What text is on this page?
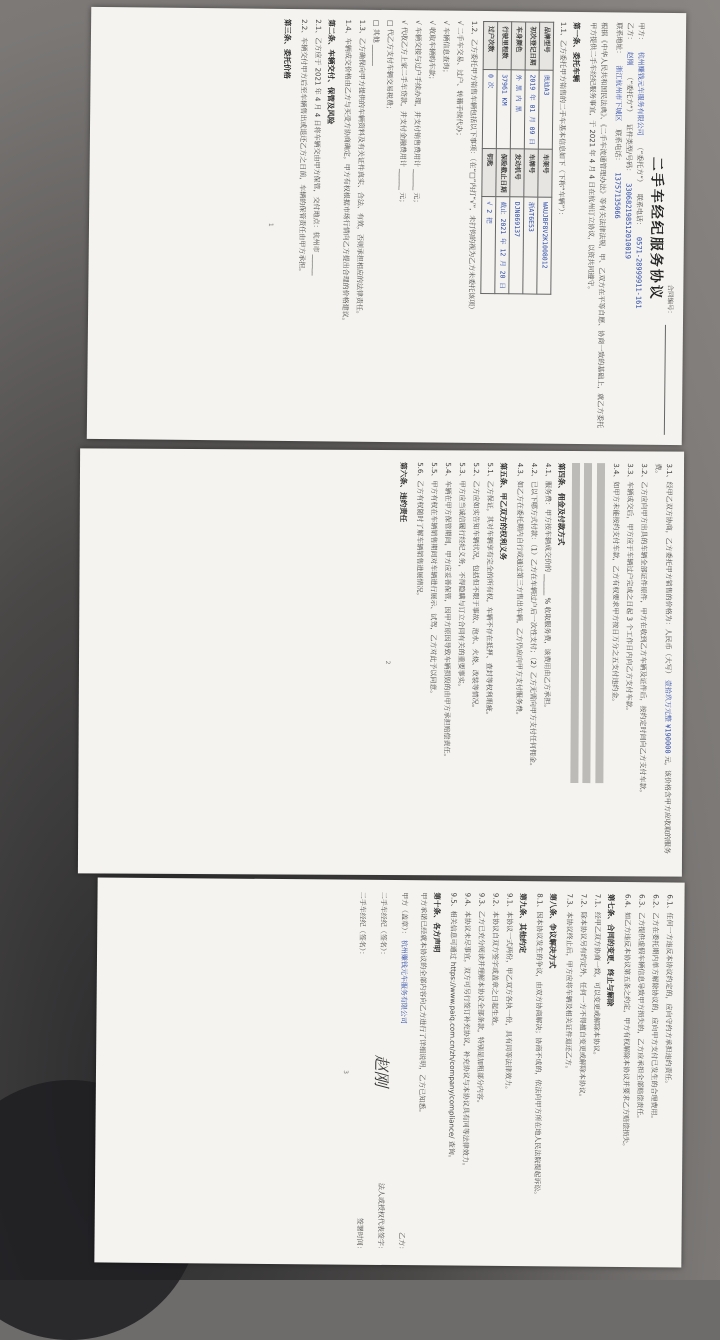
合同编号：
二手车经纪服务协议
甲方：
杭州赚钱元车服务有限公司
（“委托方”）
联系电话：
0571-28999911-161
乙方：
赵刚
（“委托方”）
证件类型/号码：
330682198512010019
联系地址：
浙江杭州市下城区
联系电话：
13757135066

根据《中华人民共和国民法典》、《二手车流通管理办法》等有关法律法规，甲、乙双方在平等自愿、协商一致的基础上，就乙方委托甲方提供二手车经纪服务事宜，于 2021 年 4 月 4 日在杭州订立协议，以资共同遵守。

第一条、委托车辆

1.1、乙方委托甲方销售的二手车基本信息如下（下称“车辆”）：

品牌型号	奥迪A3	车架号	WAUJBF8V2K1008012
初次登记日期	2019 年 01 月 09 日	车牌号	浙AT6E53
车身颜色	外 黑 内 黑	发动机号	DJN069137
行驶里程数	37961 KM	保险截止日期	截止 2021 年 12 月 20 日
过户次数	0 次	钥匙	√ 2 把

1.2、乙方委托甲方销售车辆包括以下事项：（在“□”内打“√”，未打钩的视为乙方未委托该项）

√ 二手车交易、过户、转籍手续代办；

√ 车辆信息查询；

√ 收取车辆购车款；

√ 车辆交接与过户手续办理，并支付销售费用计 ______ 元；

√ 代收乙方上家二手车贷款，并支付金融费用计 ______ 元；

□ 代乙方支付车辆交易税费；

□ 其他 ______

1.3、乙方确保向甲方提供的车辆资料及有关证件真实、合法、有效，否则承担相应的法律责任。

1.4、车辆成交价格由乙方与买受方协商确定，甲方有权根据市场行情向乙方提出合理的价格建议。

第二条、车辆交付、保管及风险

2.1、乙方应于 2021 年 4 月 4 日将车辆交由甲方保管，交付地点：杭州市 ______

2.2、车辆交付甲方后至车辆售出或退还乙方之日前，车辆的保管责任由甲方承担。

第三条、委托价格
1

3.1、经甲乙双方协商，乙方委托甲方销售的价格为：人民币（大写） 壹拾玖万元整 ¥190000 元，该价格含甲方应收取的服务费。

3.2、乙方应向甲方出具的车辆全部证件原件，甲方在收到乙方车辆及证件后，按约定时间向乙方支付车款。

3.3、车辆成交后，甲方应于车辆过户完成之日起 3 个工作日内向乙方支付车款。

3.4、如甲方未能按约支付车款，乙方有权要求甲方按日万分之五支付违约金。

第四条、佣金及付款方式

4.1、服务费：甲方按车辆成交价的 ______ % 收取服务费，该费用由乙方承担。

4.2、已以下哪方式付款：（1）乙方在车辆过户后一次性支付；（2）乙方无需向甲方支付任何佣金。

4.3、如乙方在委托期内自行或通过第三方售出车辆，乙方仍应向甲方支付服务费。

第五条、甲乙双方的权利义务

5.1、乙方保证，其对车辆享有完全的所有权，车辆不存在抵押、查封等权利瑕疵。

5.2、乙方应如实告知车辆状况，包括但不限于事故、泡水、火烧、改装等情况。

5.3、甲方应当诚信履行经纪义务，不得隐瞒与订立合同有关的重要事实。

5.4、车辆在甲方保管期间，甲方应妥善保管，因甲方原因导致车辆损毁的由甲方承担赔偿责任。

5.5、甲方有权在车辆销售期间对车辆进行展示、试驾，乙方对此予以同意。

5.6、乙方有权随时了解车辆销售进展情况。

第六条、违约责任
2

6.1、任何一方违反本协议约定的，应向守约方承担违约责任。

6.2、乙方在委托期内单方解除协议的，应向甲方支付已发生的合理费用。

6.3、乙方提供虚假车辆信息导致甲方损失的，乙方应承担全部赔偿责任。

6.4、如乙方违反本协议第五条之约定，甲方有权解除本协议并要求乙方赔偿损失。

第七条、合同的变更、终止与解除

7.1、经甲乙双方协商一致，可以变更或解除本协议。

7.2、除本协议另有约定外，任何一方不得擅自变更或解除本协议。

7.3、本协议终止后，甲方应将车辆及相关证件退还乙方。

第八条、争议解决方式

8.1、因本协议发生的争议，由双方协商解决；协商不成的，依法向甲方所在地人民法院提起诉讼。

第九条、其他约定

9.1、本协议一式两份，甲乙双方各执一份，具有同等法律效力。

9.2、本协议自双方签字或盖章之日起生效。

9.3、乙方已充分阅读并理解本协议全部条款，特别是加粗部分内容。

9.4、本协议未尽事宜，双方可另行签订补充协议，补充协议与本协议具有同等法律效力。

9.5、相关信息可通过 https://www.paiq.com.cn/zh/company/compliance/ 查询。

第十条、各方声明

甲方承诺已经就本协议的全部内容向乙方进行了详细说明，乙方已知悉。

甲方（盖章）： 杭州赚钱元车服务有限公司
乙方：
二手车经纪（签名）：
赵刚
法人或授权代表签字：
二手车经纪（签名）：
签署时间：
3
